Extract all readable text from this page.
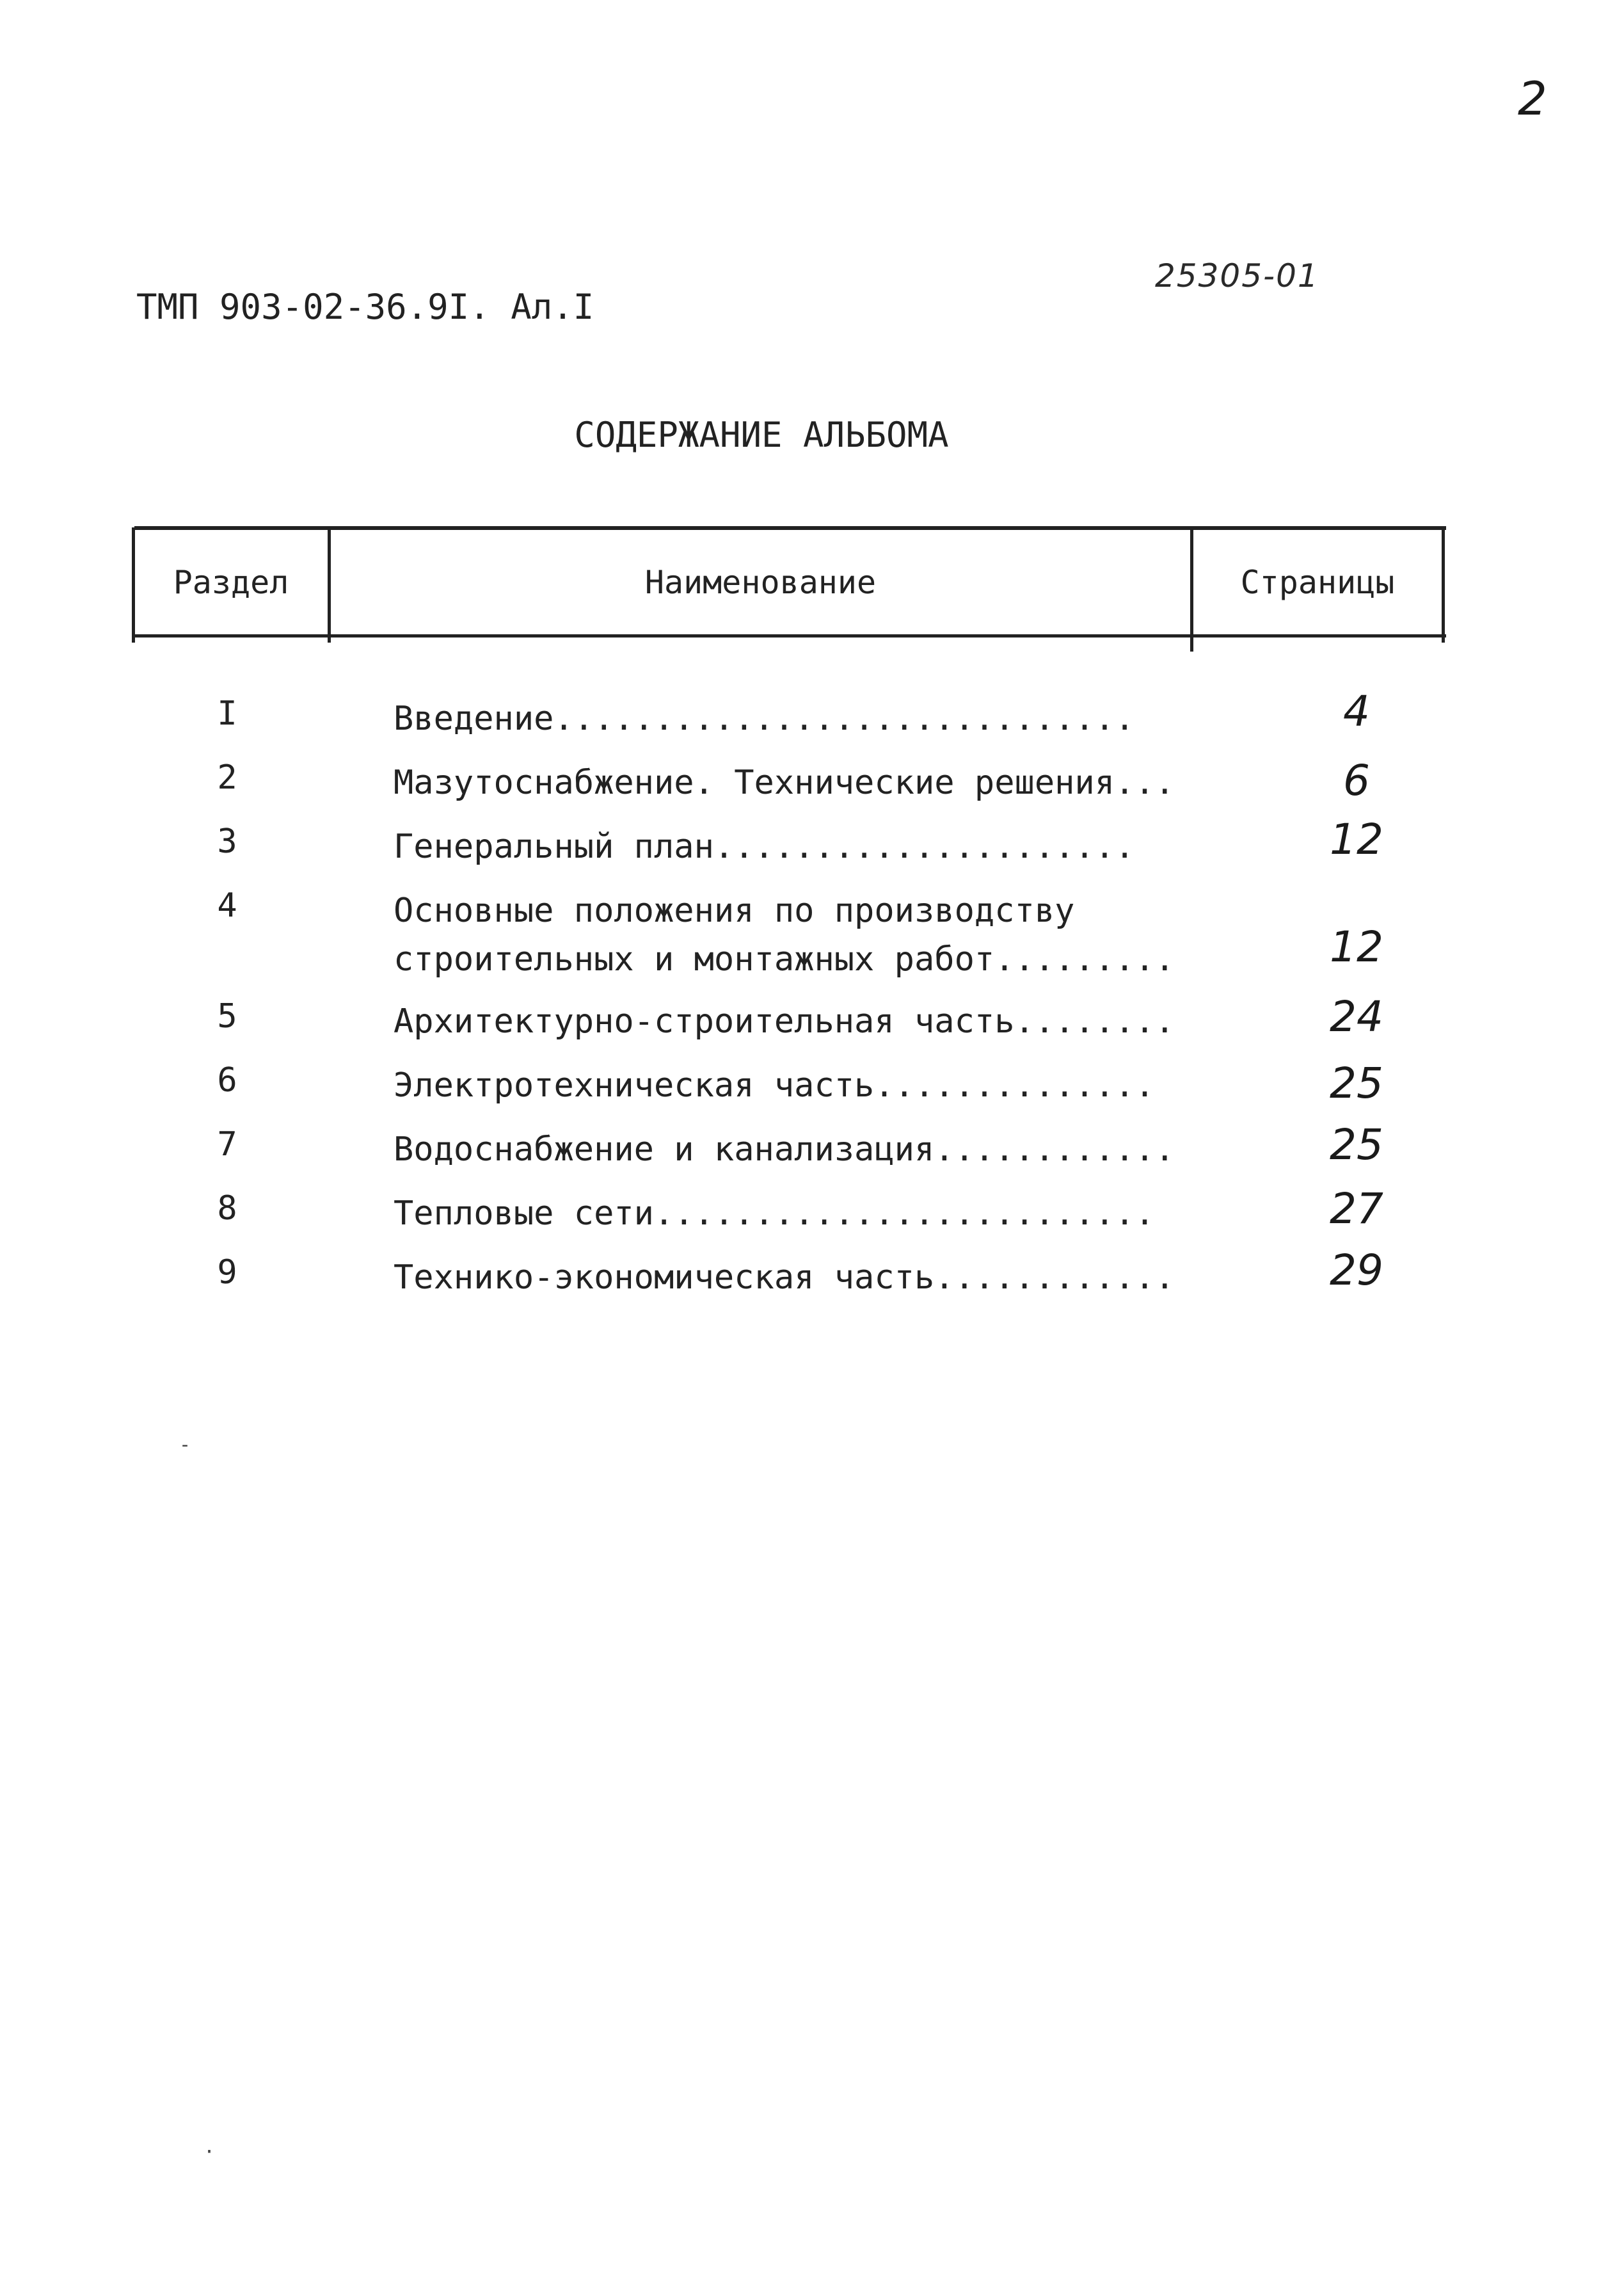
2
25305-01
ТМП 903-02-36.9I. Ал.I
СОДЕРЖАНИЕ АЛЬБОМА
Раздел	Наименование	Страницы
I	Введение.............................	4
2	Мазутоснабжение. Технические решения...	6
3	Генеральный план.....................	12
4	Основные положения по производству
строительных и монтажных работ.........	12
5	Архитектурно-строительная часть........	24
6	Электротехническая часть..............	25
7	Водоснабжение и канализация............	25
8	Тепловые сети.........................	27
9	Технико-экономическая часть............	29
-
·
